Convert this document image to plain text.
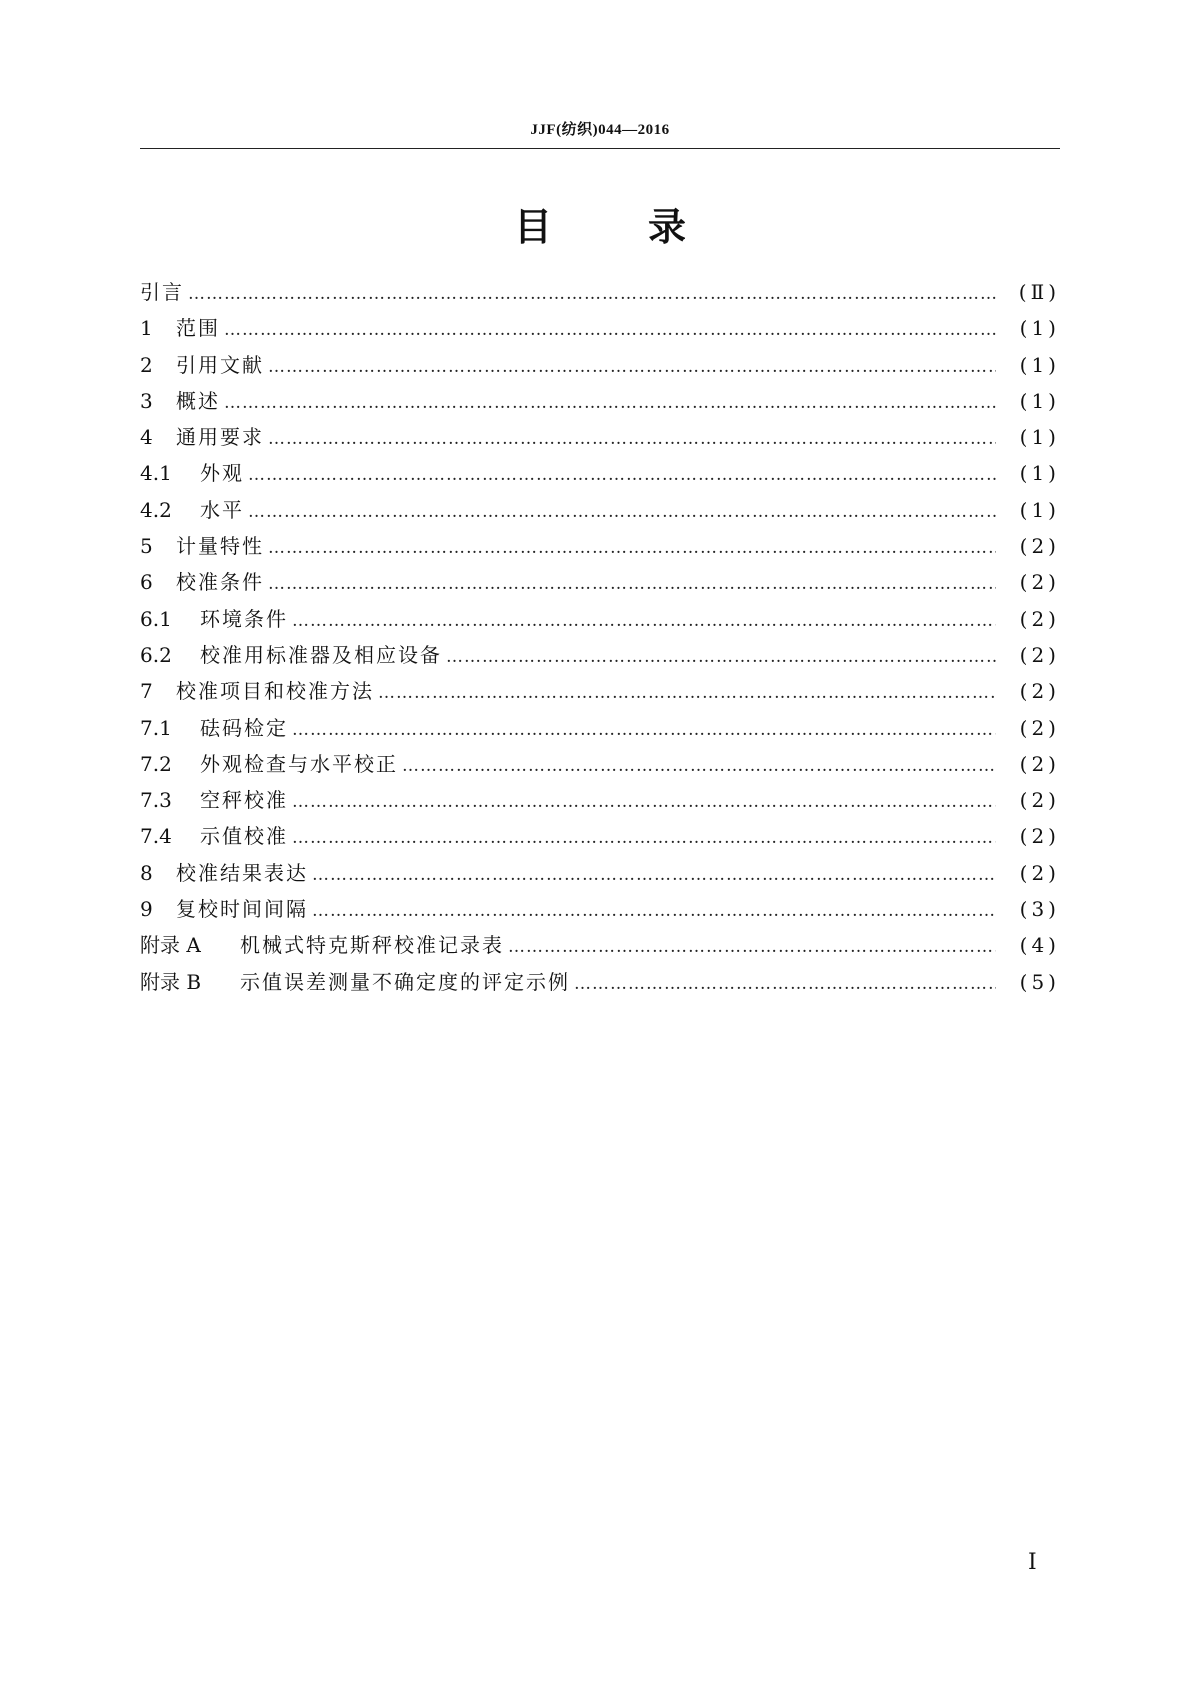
JJF(纺织)044—2016
目	录
引言 …………………………………………………………………………………………………………………………………………………………………………………………………………	(Ⅱ)
1	范围 …………………………………………………………………………………………………………………………………………………………………………………………………………	(1)
2	引用文献 …………………………………………………………………………………………………………………………………………………………………………………………………………	(1)
3	概述 …………………………………………………………………………………………………………………………………………………………………………………………………………	(1)
4	通用要求 …………………………………………………………………………………………………………………………………………………………………………………………………………	(1)
4.1	外观 …………………………………………………………………………………………………………………………………………………………………………………………………………	(1)
4.2	水平 …………………………………………………………………………………………………………………………………………………………………………………………………………	(1)
5	计量特性 …………………………………………………………………………………………………………………………………………………………………………………………………………	(2)
6	校准条件 …………………………………………………………………………………………………………………………………………………………………………………………………………	(2)
6.1	环境条件 …………………………………………………………………………………………………………………………………………………………………………………………………………	(2)
6.2	校准用标准器及相应设备 …………………………………………………………………………………………………………………………………………………………………………………………………………	(2)
7	校准项目和校准方法 …………………………………………………………………………………………………………………………………………………………………………………………………………	(2)
7.1	砝码检定 …………………………………………………………………………………………………………………………………………………………………………………………………………	(2)
7.2	外观检查与水平校正 …………………………………………………………………………………………………………………………………………………………………………………………………………	(2)
7.3	空秤校准 …………………………………………………………………………………………………………………………………………………………………………………………………………	(2)
7.4	示值校准 …………………………………………………………………………………………………………………………………………………………………………………………………………	(2)
8	校准结果表达 …………………………………………………………………………………………………………………………………………………………………………………………………………	(2)
9	复校时间间隔 …………………………………………………………………………………………………………………………………………………………………………………………………………	(3)
附录 A	机械式特克斯秤校准记录表 …………………………………………………………………………………………………………………………………………………………………………………………………………	(4)
附录 B	示值误差测量不确定度的评定示例 …………………………………………………………………………………………………………………………………………………………………………………………………………	(5)
Ⅰ
